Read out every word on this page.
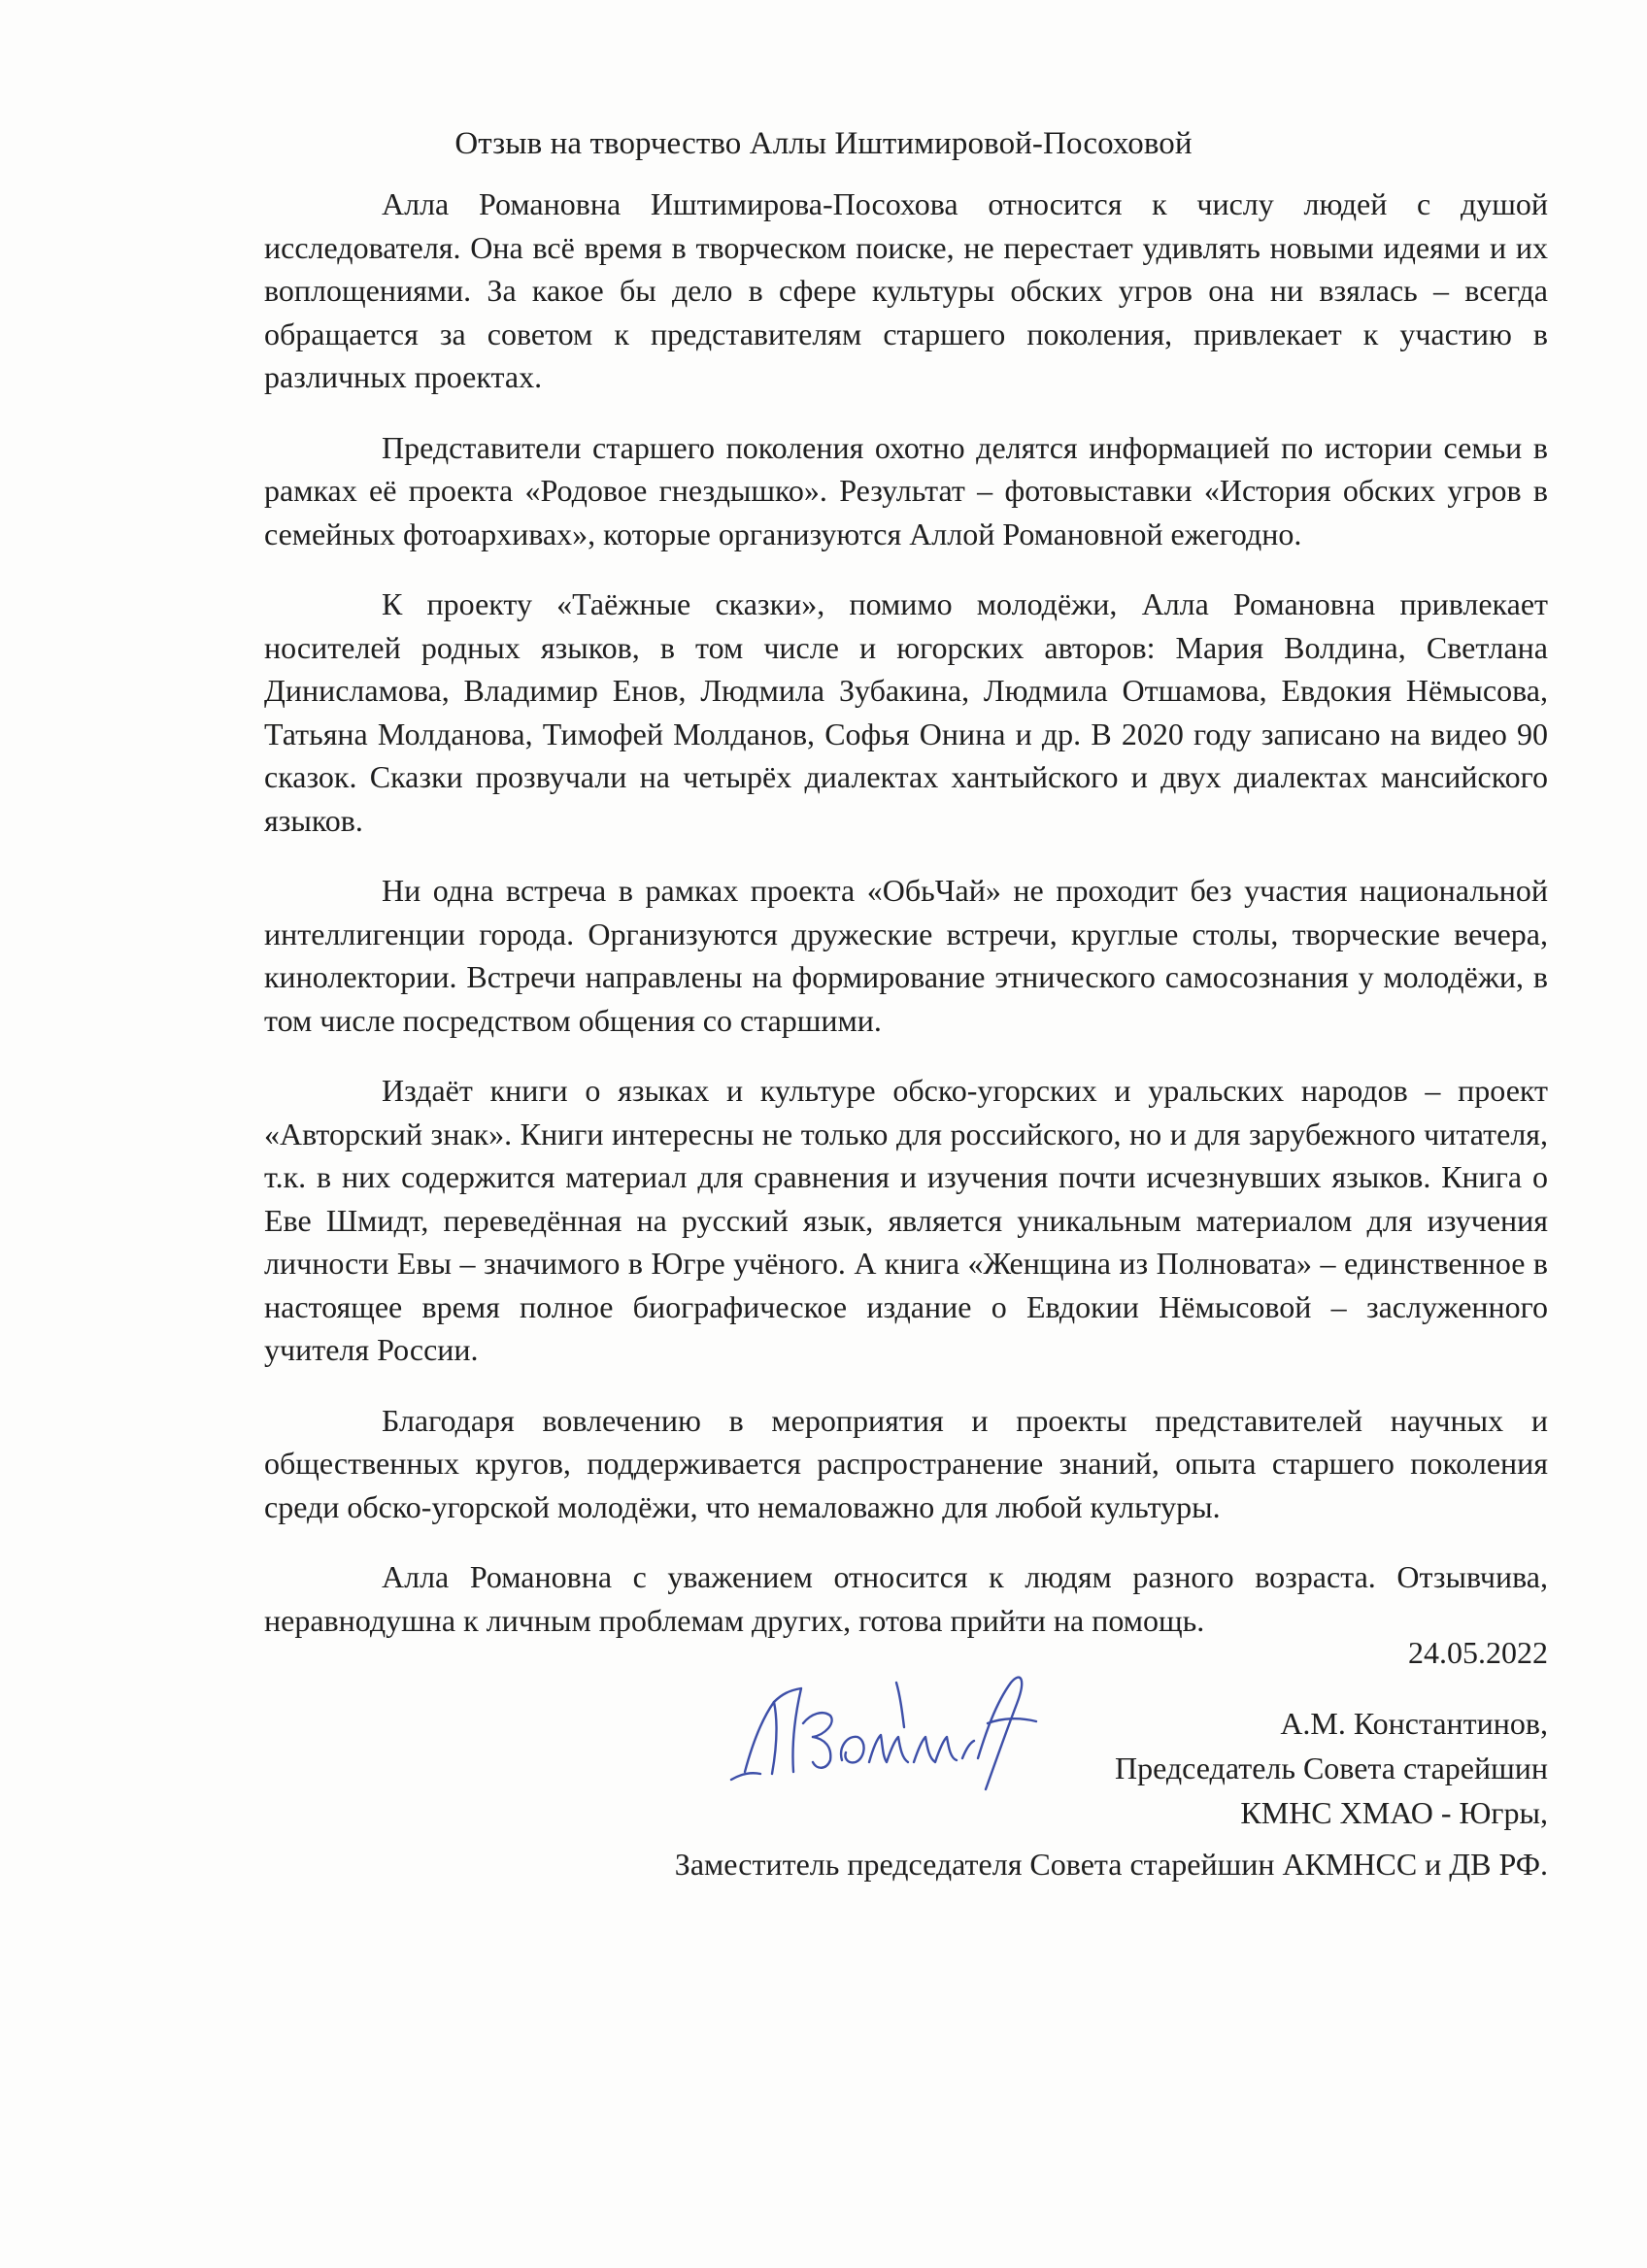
Отзыв на творчество Аллы Иштимировой-Посоховой

Алла Романовна Иштимирова-Посохова относится к числу людей с душой исследователя. Она всё время в творческом поиске, не перестает удивлять новыми идеями и их воплощениями. За какое бы дело в сфере культуры обских угров она ни взялась – всегда обращается за советом к представителям старшего поколения, привлекает к участию в различных проектах.

Представители старшего поколения охотно делятся информацией по истории семьи в рамках её проекта «Родовое гнездышко». Результат – фотовыставки «История обских угров в семейных фотоархивах», которые организуются Аллой Романовной ежегодно.

К проекту «Таёжные сказки», помимо молодёжи, Алла Романовна привлекает носителей родных языков, в том числе и югорских авторов: Мария Волдина, Светлана Динислaмова, Владимир Енов, Людмила Зубакина, Людмила Отшамова, Евдокия Нёмысова, Татьяна Молданова, Тимофей Молданов, Софья Онина и др. В 2020 году записано на видео 90 сказок. Сказки прозвучали на четырёх диалектах хантыйского и двух диалектах мансийского языков.

Ни одна встреча в рамках проекта «ОбьЧай» не проходит без участия национальной интеллигенции города. Организуются дружеские встречи, круглые столы, творческие вечера, кинолектории. Встречи направлены на формирование этнического самосознания у молодёжи, в том числе посредством общения со старшими.

Издаёт книги о языках и культуре обско-угорских и уральских народов – проект «Авторский знак». Книги интересны не только для российского, но и для зарубежного читателя, т.к. в них содержится материал для сравнения и изучения почти исчезнувших языков. Книга о Еве Шмидт, переведённая на русский язык, является уникальным материалом для изучения личности Евы – значимого в Югре учёного. А книга «Женщина из Полновата» – единственное в настоящее время полное биографическое издание о Евдокии Нёмысовой – заслуженного учителя России.

Благодаря вовлечению в мероприятия и проекты представителей научных и общественных кругов, поддерживается распространение знаний, опыта старшего поколения среди обско-угорской молодёжи, что немаловажно для любой культуры.

Алла Романовна с уважением относится к людям разного возраста. Отзывчива, неравнодушна к личным проблемам других, готова прийти на помощь.

24.05.2022
А.М. Константинов,
Председатель Совета старейшин
КМНС ХМАО - Югры,
Заместитель председателя Совета старейшин АКМНСС и ДВ РФ.
